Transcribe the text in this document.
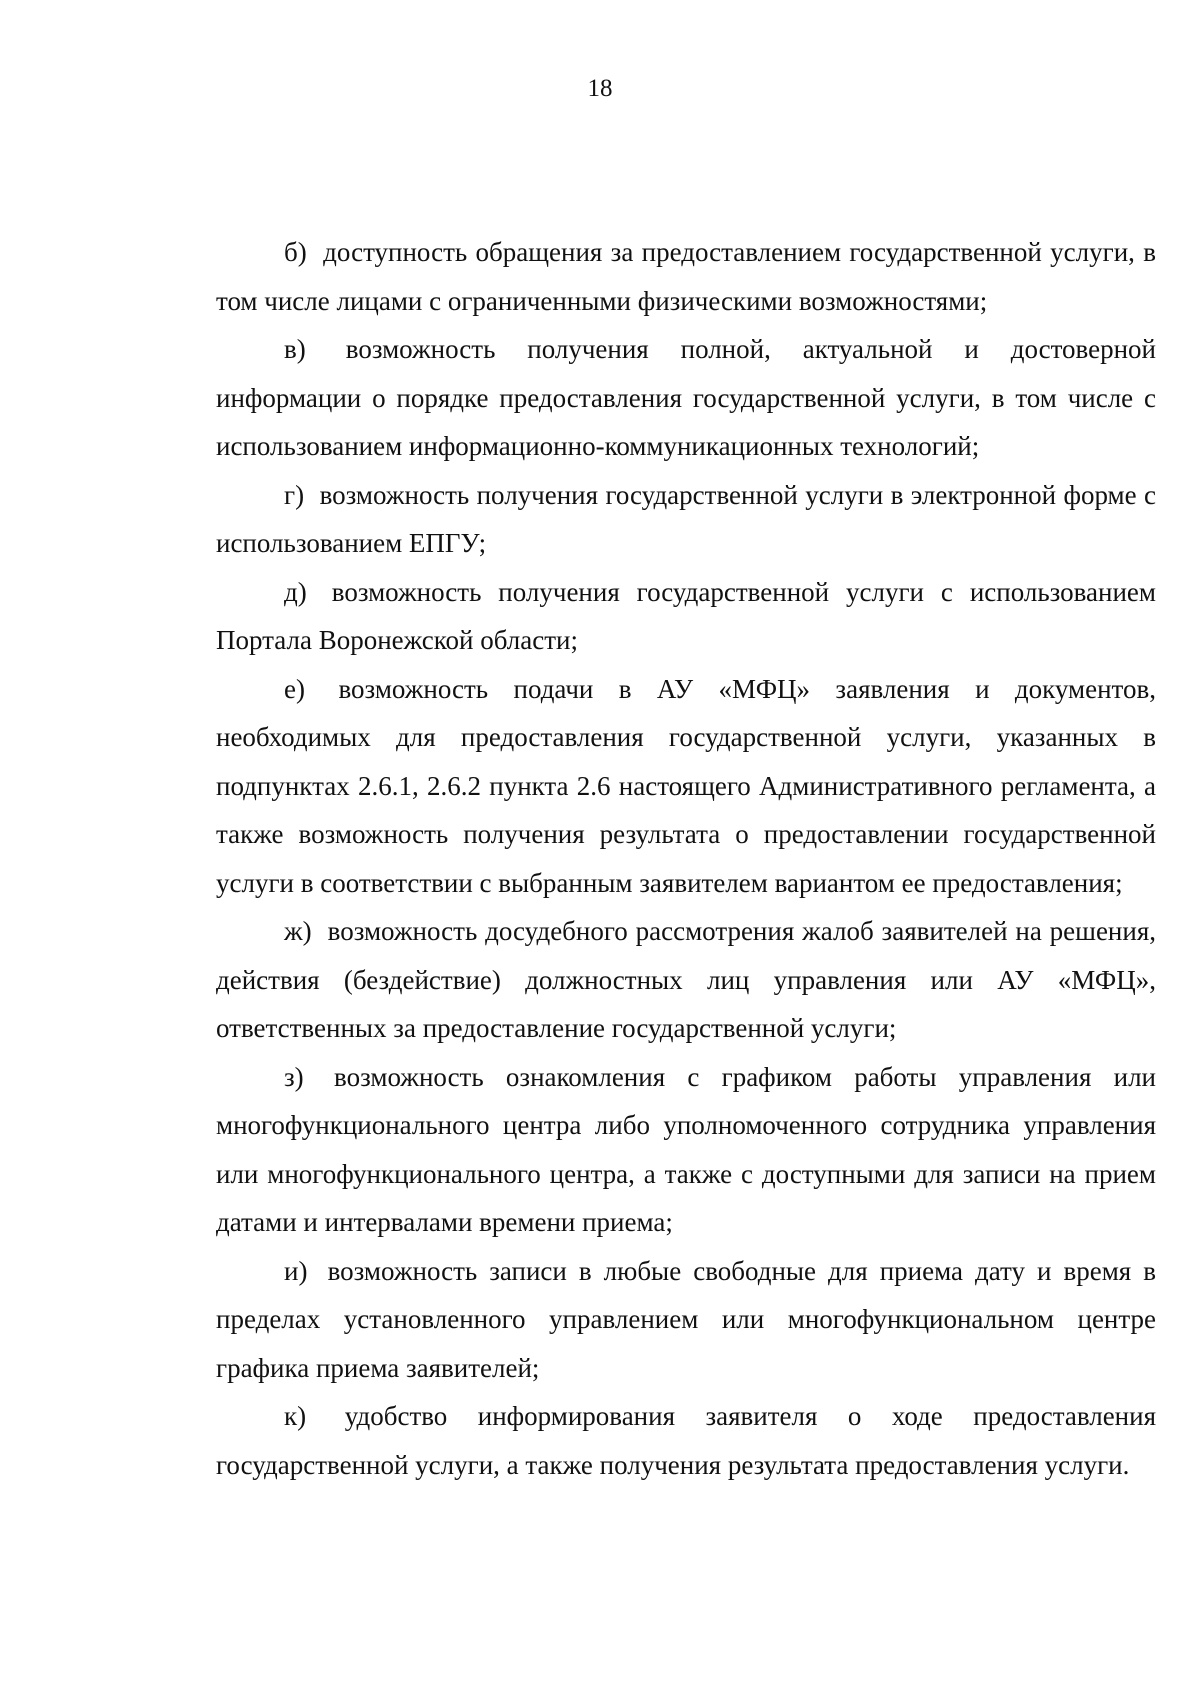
18

б) доступность обращения за предоставлением государственной услуги, в том числе лицами с ограниченными физическими возможностями;

в) возможность получения полной, актуальной и достоверной информации о порядке предоставления государственной услуги, в том числе с использованием информационно-коммуникационных технологий;

г) возможность получения государственной услуги в электронной форме с использованием ЕПГУ;

д) возможность получения государственной услуги с использованием Портала Воронежской области;

е) возможность подачи в АУ «МФЦ» заявления и документов, необходимых для предоставления государственной услуги, указанных в подпунктах 2.6.1, 2.6.2 пункта 2.6 настоящего Административного регламента, а также возможность получения результата о предоставлении государственной услуги в соответствии с выбранным заявителем вариантом ее предоставления;

ж) возможность досудебного рассмотрения жалоб заявителей на решения, действия (бездействие) должностных лиц управления или АУ «МФЦ», ответственных за предоставление государственной услуги;

з) возможность ознакомления с графиком работы управления или многофункционального центра либо уполномоченного сотрудника управления или многофункционального центра, а также с доступными для записи на прием датами и интервалами времени приема;

и) возможность записи в любые свободные для приема дату и время в пределах установленного управлением или многофункциональном центре графика приема заявителей;

к) удобство информирования заявителя о ходе предоставления государственной услуги, а также получения результата предоставления услуги.
